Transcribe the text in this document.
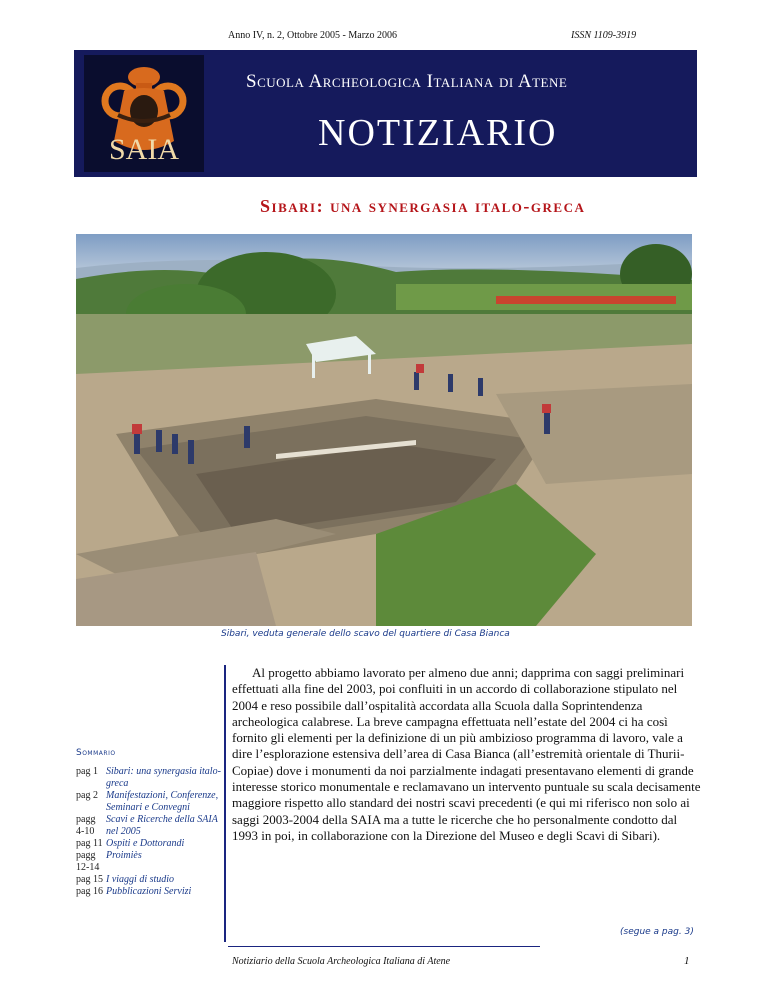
Anno IV, n. 2, Ottobre 2005 - Marzo 2006	ISSN 1109-3919
SAIA
Scuola Archeologica Italiana di Atene
NOTIZIARIO
Sibari: una synergasia italo-greca
Sibari, veduta generale dello scavo del quartiere di Casa Bianca
Sommario
pag 1 Sibari: una synergasia italo-greca
pag 2 Manifestazioni, Conferenze, Seminari e Convegni
pagg 4-10
Scavi e Ricerche della SAIA nel 2005
pag 11 Ospiti e Dottorandi
pagg 12-14
Proimiès
pag 15 I viaggi di studio
pag 16 Pubblicazioni Servizi

Al progetto abbiamo lavorato per almeno due anni; dapprima con saggi preliminari effettuati alla fine del 2003, poi confluiti in un accordo di collaborazione stipulato nel 2004 e reso possibile dall’ospitalità accordata alla Scuola dalla Soprintendenza archeologica calabrese. La breve campagna effettuata nell’estate del 2004 ci ha così fornito gli elementi per la definizione di un più ambizioso programma di lavoro, vale a dire l’esplorazione estensiva dell’area di Casa Bianca (all’estremità orientale di Thurii-Copiae) dove i monumenti da noi parzialmente indagati presentavano elementi di grande interesse storico monumentale e reclamavano un intervento puntuale su scala decisamente maggiore rispetto allo standard dei nostri scavi precedenti (e qui mi riferisco non solo ai saggi 2003-2004 della SAIA ma a tutte le ricerche che ho personalmente condotto dal 1993 in poi, in collaborazione con la Direzione del Museo e degli Scavi di Sibari).

(segue a pag. 3)
Notiziario della Scuola Archeologica Italiana di Atene	1
